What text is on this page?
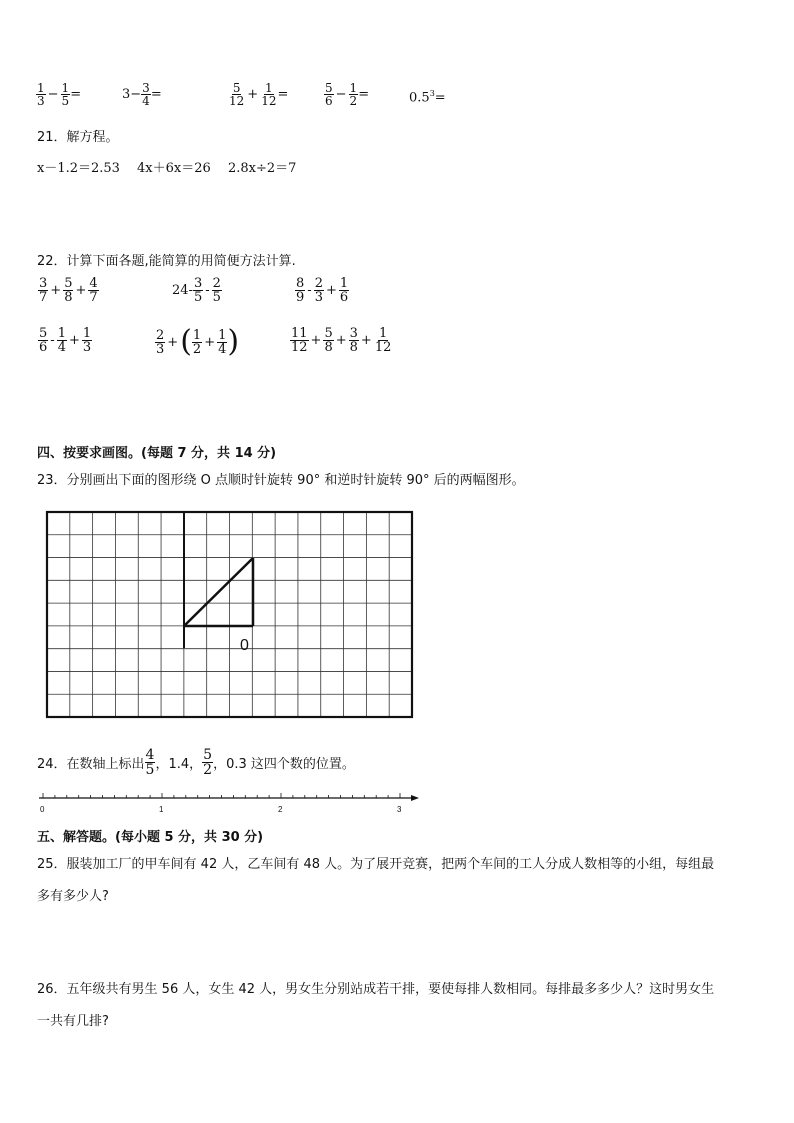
$\frac{1}{3} - \frac{1}{5}$ =	$3- \frac{3}{4}$ =	$\frac{5}{12} + \frac{1}{12}$ =	$\frac{5}{6} - \frac{1}{2}$ =	$0.5^3=$
21．解方程。
x－1.2＝2.53 4x＋6x＝26 2.8x÷2＝7
22．计算下面各题,能简算的用简便方法计算.
$\frac{3}{7} + \frac{5}{8} + \frac{4}{7}$	$24- \frac{3}{5} - \frac{2}{5}$	$\frac{8}{9} - \frac{2}{3} + \frac{1}{6}$
$\frac{5}{6} - \frac{1}{4} + \frac{1}{3}$	$\frac{2}{3}$ + ( $\frac{1}{2} + \frac{1}{4}$ )	$\frac{11}{12} + \frac{5}{8} + \frac{3}{8} + \frac{1}{12}$
四、按要求画图。(每题 7 分，共 14 分)
23．分别画出下面的图形绕 O 点顺时针旋转 90° 和逆时针旋转 90° 后的两幅图形。
0
24．在数轴上标出 $\frac{4}{5}$ ，1.4， $\frac{5}{2}$ ，0.3 这四个数的位置。
0	1	2	3
五、解答题。(每小题 5 分，共 30 分)
25．服装加工厂的甲车间有 42 人，乙车间有 48 人。为了展开竞赛，把两个车间的工人分成人数相等的小组，每组最
多有多少人?
26．五年级共有男生 56 人，女生 42 人，男女生分别站成若干排，要使每排人数相同。每排最多多少人？这时男女生
一共有几排?
